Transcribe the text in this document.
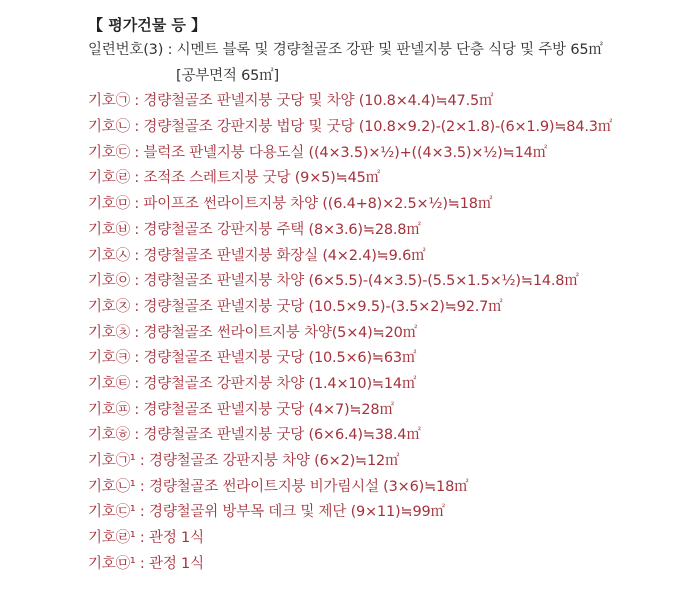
【 평가건물 등 】
일련번호(3) : 시멘트 블록 및 경량철골조 강판 및 판넬지붕 단층 식당 및 주방 65㎡
[공부면적 65㎡]
기호㉠ : 경량철골조 판넬지붕 굿당 및 차양 (10.8×4.4)≒47.5㎡
기호㉡ : 경량철골조 강판지붕 법당 및 굿당 (10.8×9.2)-(2×1.8)-(6×1.9)≒84.3㎡
기호㉢ : 블럭조 판넬지붕 다용도실 ((4×3.5)×½)+((4×3.5)×½)≒14㎡
기호㉣ : 조적조 스레트지붕 굿당 (9×5)≒45㎡
기호㉤ : 파이프조 썬라이트지붕 차양 ((6.4+8)×2.5×½)≒18㎡
기호㉥ : 경량철골조 강판지붕 주택 (8×3.6)≒28.8㎡
기호㉦ : 경량철골조 판넬지붕 화장실 (4×2.4)≒9.6㎡
기호㉧ : 경량철골조 판넬지붕 차양 (6×5.5)-(4×3.5)-(5.5×1.5×½)≒14.8㎡
기호㉨ : 경량철골조 판넬지붕 굿당 (10.5×9.5)-(3.5×2)≒92.7㎡
기호㉩ : 경량철골조 썬라이트지붕 차양(5×4)≒20㎡
기호㉪ : 경량철골조 판넬지붕 굿당 (10.5×6)≒63㎡
기호㉫ : 경량철골조 강판지붕 차양 (1.4×10)≒14㎡
기호㉬ : 경량철골조 판넬지붕 굿당 (4×7)≒28㎡
기호㉭ : 경량철골조 판넬지붕 굿당 (6×6.4)≒38.4㎡
기호㉠¹ : 경량철골조 강판지붕 차양 (6×2)≒12㎡
기호㉡¹ : 경량철골조 썬라이트지붕 비가림시설 (3×6)≒18㎡
기호㉢¹ : 경량철골위 방부목 데크 및 제단 (9×11)≒99㎡
기호㉣¹ : 관정 1식
기호㉤¹ : 관정 1식
